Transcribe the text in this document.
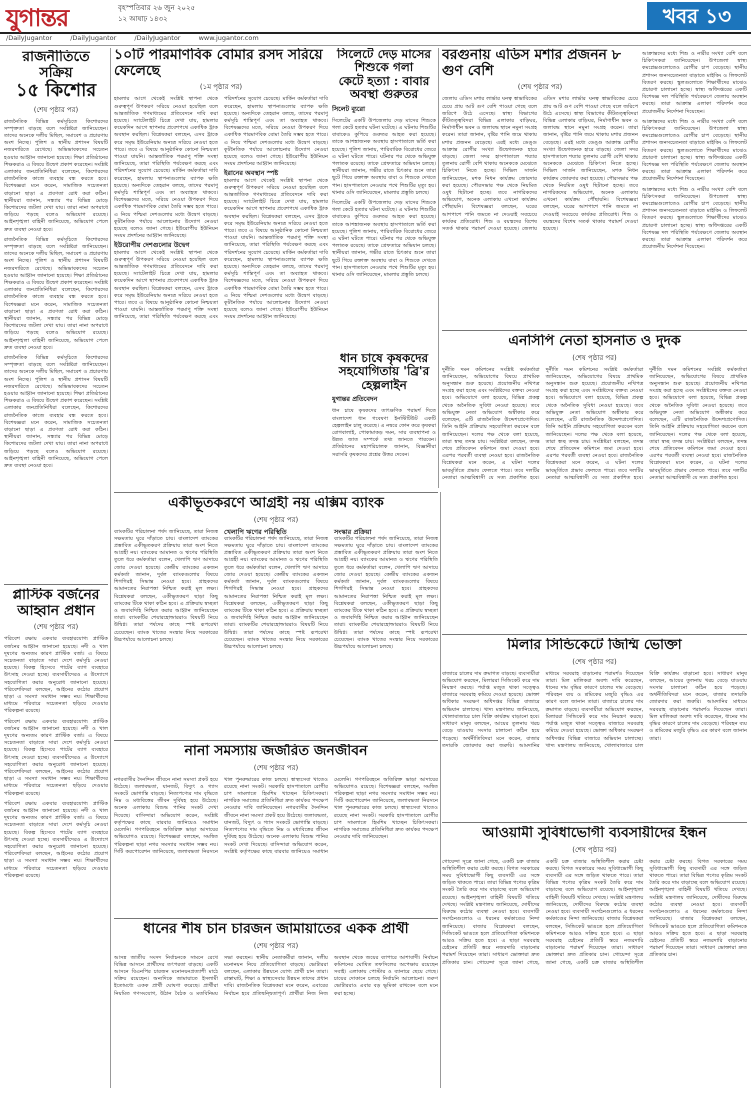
যুগান্তর	বৃহস্পতিবার ২৬ জুন ২০২৫
১২ আষাঢ় ১৪৩২	খবর ১৩
/DailyJugantor	/DailyJugantor	/DailyJugantor	www.jugantor.com
রাজনীতিতে সক্রিয়
১৫ কিশোর
(শেষ পৃষ্ঠার পর)
রাজনৈতিক বিভিন্ন কর্মসূচিতে কিশোরদের সম্পৃক্ততা বাড়ছে বলে সংশ্লিষ্টরা জানিয়েছেন। তাদের অনেকে দলীয় মিছিল, সমাবেশ ও প্রচারণায় অংশ নিচ্ছে। পুলিশ ও স্থানীয় প্রশাসন বিষয়টি নজরদারিতে রেখেছে। অভিভাবকদের সচেতন হওয়ার আহ্বান জানানো হয়েছে। শিক্ষা প্রতিষ্ঠানের শিক্ষকরাও এ বিষয়ে উদ্বেগ প্রকাশ করেছেন। সংশ্লিষ্ট এলাকার জনপ্রতিনিধিরা বলেছেন, কিশোরদের রাজনৈতিক কাজে ব্যবহার বন্ধ করতে হবে। বিশেষজ্ঞরা মনে করেন, সামাজিক সচেতনতা বাড়ানো ছাড়া এ প্রবণতা রোধ করা কঠিন। স্থানীয়রা জানান, সন্ধ্যার পর বিভিন্ন মোড়ে কিশোরদের জটলা দেখা যায়। তারা নানা অপরাধে জড়িয়ে পড়ছে বলেও অভিযোগ রয়েছে। আইনশৃঙ্খলা বাহিনী জানিয়েছে, অভিযোগ পেলে দ্রুত ব্যবস্থা নেওয়া হবে।
রাজনৈতিক বিভিন্ন কর্মসূচিতে কিশোরদের সম্পৃক্ততা বাড়ছে বলে সংশ্লিষ্টরা জানিয়েছেন। তাদের অনেকে দলীয় মিছিল, সমাবেশ ও প্রচারণায় অংশ নিচ্ছে। পুলিশ ও স্থানীয় প্রশাসন বিষয়টি নজরদারিতে রেখেছে। অভিভাবকদের সচেতন হওয়ার আহ্বান জানানো হয়েছে। শিক্ষা প্রতিষ্ঠানের শিক্ষকরাও এ বিষয়ে উদ্বেগ প্রকাশ করেছেন। সংশ্লিষ্ট এলাকার জনপ্রতিনিধিরা বলেছেন, কিশোরদের রাজনৈতিক কাজে ব্যবহার বন্ধ করতে হবে। বিশেষজ্ঞরা মনে করেন, সামাজিক সচেতনতা বাড়ানো ছাড়া এ প্রবণতা রোধ করা কঠিন। স্থানীয়রা জানান, সন্ধ্যার পর বিভিন্ন মোড়ে কিশোরদের জটলা দেখা যায়। তারা নানা অপরাধে জড়িয়ে পড়ছে বলেও অভিযোগ রয়েছে। আইনশৃঙ্খলা বাহিনী জানিয়েছে, অভিযোগ পেলে দ্রুত ব্যবস্থা নেওয়া হবে।
রাজনৈতিক বিভিন্ন কর্মসূচিতে কিশোরদের সম্পৃক্ততা বাড়ছে বলে সংশ্লিষ্টরা জানিয়েছেন। তাদের অনেকে দলীয় মিছিল, সমাবেশ ও প্রচারণায় অংশ নিচ্ছে। পুলিশ ও স্থানীয় প্রশাসন বিষয়টি নজরদারিতে রেখেছে। অভিভাবকদের সচেতন হওয়ার আহ্বান জানানো হয়েছে। শিক্ষা প্রতিষ্ঠানের শিক্ষকরাও এ বিষয়ে উদ্বেগ প্রকাশ করেছেন। সংশ্লিষ্ট এলাকার জনপ্রতিনিধিরা বলেছেন, কিশোরদের রাজনৈতিক কাজে ব্যবহার বন্ধ করতে হবে। বিশেষজ্ঞরা মনে করেন, সামাজিক সচেতনতা বাড়ানো ছাড়া এ প্রবণতা রোধ করা কঠিন। স্থানীয়রা জানান, সন্ধ্যার পর বিভিন্ন মোড়ে কিশোরদের জটলা দেখা যায়। তারা নানা অপরাধে জড়িয়ে পড়ছে বলেও অভিযোগ রয়েছে। আইনশৃঙ্খলা বাহিনী জানিয়েছে, অভিযোগ পেলে দ্রুত ব্যবস্থা নেওয়া হবে।
১০টি পারমাণবিক বোমার রসদ সরিয়ে ফেলেছে
(১ম পৃষ্ঠার পর)
হামলার আগে থেকেই সংশ্লিষ্ট স্থাপনা থেকে গুরুত্বপূর্ণ উপকরণ সরিয়ে নেওয়া হয়েছিল বলে আন্তর্জাতিক গণমাধ্যমের প্রতিবেদনে দাবি করা হয়েছে। স্যাটেলাইট চিত্রে দেখা যায়, হামলার কয়েকদিন আগে স্থাপনার প্রবেশপথে একাধিক ট্রাক অবস্থান করছিল। বিশ্লেষকরা বলছেন, এসব ট্রাকে করে সমৃদ্ধ ইউরেনিয়াম অন্যত্র সরিয়ে নেওয়া হতে পারে। তবে এ বিষয়ে আনুষ্ঠানিক কোনো নিশ্চয়তা পাওয়া যায়নি। আন্তর্জাতিক পরমাণু শক্তি সংস্থা জানিয়েছে, তারা পরিস্থিতি পর্যবেক্ষণ করছে এবং পরিদর্শনের সুযোগ চেয়েছে। মার্কিন কর্মকর্তারা দাবি করেছেন, হামলায় স্থাপনাগুলোর ব্যাপক ক্ষতি হয়েছে। অন্যদিকে তেহরান বলছে, তাদের পরমাণু কর্মসূচি শান্তিপূর্ণ এবং তা অব্যাহত থাকবে। বিশেষজ্ঞদের মতে, সরিয়ে নেওয়া উপকরণ দিয়ে একাধিক পারমাণবিক বোমা তৈরি সম্ভব হতে পারে। এ নিয়ে পশ্চিমা দেশগুলোর মধ্যে উদ্বেগ বাড়ছে। কূটনৈতিক পর্যায়ে আলোচনার উদ্যোগ নেওয়া হয়েছে বলেও জানা গেছে। ইউরোপীয় ইউনিয়ন সংযম প্রদর্শনের আহ্বান জানিয়েছে।
ইউরোপীয় দেশগুলোর উদ্বেগ
হামলার আগে থেকেই সংশ্লিষ্ট স্থাপনা থেকে গুরুত্বপূর্ণ উপকরণ সরিয়ে নেওয়া হয়েছিল বলে আন্তর্জাতিক গণমাধ্যমের প্রতিবেদনে দাবি করা হয়েছে। স্যাটেলাইট চিত্রে দেখা যায়, হামলার কয়েকদিন আগে স্থাপনার প্রবেশপথে একাধিক ট্রাক অবস্থান করছিল। বিশ্লেষকরা বলছেন, এসব ট্রাকে করে সমৃদ্ধ ইউরেনিয়াম অন্যত্র সরিয়ে নেওয়া হতে পারে। তবে এ বিষয়ে আনুষ্ঠানিক কোনো নিশ্চয়তা পাওয়া যায়নি। আন্তর্জাতিক পরমাণু শক্তি সংস্থা জানিয়েছে, তারা পরিস্থিতি পর্যবেক্ষণ করছে এবং পরিদর্শনের সুযোগ চেয়েছে। মার্কিন কর্মকর্তারা দাবি করেছেন, হামলায় স্থাপনাগুলোর ব্যাপক ক্ষতি হয়েছে। অন্যদিকে তেহরান বলছে, তাদের পরমাণু কর্মসূচি শান্তিপূর্ণ এবং তা অব্যাহত থাকবে। বিশেষজ্ঞদের মতে, সরিয়ে নেওয়া উপকরণ দিয়ে একাধিক পারমাণবিক বোমা তৈরি সম্ভব হতে পারে। এ নিয়ে পশ্চিমা দেশগুলোর মধ্যে উদ্বেগ বাড়ছে। কূটনৈতিক পর্যায়ে আলোচনার উদ্যোগ নেওয়া হয়েছে বলেও জানা গেছে। ইউরোপীয় ইউনিয়ন সংযম প্রদর্শনের আহ্বান জানিয়েছে।
ইরানের অবস্থান স্পষ্ট
হামলার আগে থেকেই সংশ্লিষ্ট স্থাপনা থেকে গুরুত্বপূর্ণ উপকরণ সরিয়ে নেওয়া হয়েছিল বলে আন্তর্জাতিক গণমাধ্যমের প্রতিবেদনে দাবি করা হয়েছে। স্যাটেলাইট চিত্রে দেখা যায়, হামলার কয়েকদিন আগে স্থাপনার প্রবেশপথে একাধিক ট্রাক অবস্থান করছিল। বিশ্লেষকরা বলছেন, এসব ট্রাকে করে সমৃদ্ধ ইউরেনিয়াম অন্যত্র সরিয়ে নেওয়া হতে পারে। তবে এ বিষয়ে আনুষ্ঠানিক কোনো নিশ্চয়তা পাওয়া যায়নি। আন্তর্জাতিক পরমাণু শক্তি সংস্থা জানিয়েছে, তারা পরিস্থিতি পর্যবেক্ষণ করছে এবং পরিদর্শনের সুযোগ চেয়েছে। মার্কিন কর্মকর্তারা দাবি করেছেন, হামলায় স্থাপনাগুলোর ব্যাপক ক্ষতি হয়েছে। অন্যদিকে তেহরান বলছে, তাদের পরমাণু কর্মসূচি শান্তিপূর্ণ এবং তা অব্যাহত থাকবে। বিশেষজ্ঞদের মতে, সরিয়ে নেওয়া উপকরণ দিয়ে একাধিক পারমাণবিক বোমা তৈরি সম্ভব হতে পারে। এ নিয়ে পশ্চিমা দেশগুলোর মধ্যে উদ্বেগ বাড়ছে। কূটনৈতিক পর্যায়ে আলোচনার উদ্যোগ নেওয়া হয়েছে বলেও জানা গেছে। ইউরোপীয় ইউনিয়ন সংযম প্রদর্শনের আহ্বান জানিয়েছে।
সিলেটে দেড় মাসের
শিশুকে গলা
কেটে হত্যা : বাবার
অবস্থা গুরুতর
সিলেট ব্যুরো
সিলেটের একটি উপজেলায় দেড় মাসের শিশুকে গলা কেটে হত্যার ঘটনা ঘটেছে। এ ঘটনায় শিশুটির বাবাকেও কুপিয়ে গুরুতর আহত করা হয়েছে। তাকে আশঙ্কাজনক অবস্থায় হাসপাতালে ভর্তি করা হয়েছে। পুলিশ জানায়, পারিবারিক বিরোধের জেরে এ ঘটনা ঘটতে পারে। ঘটনার পর থেকে অভিযুক্ত পলাতক রয়েছে। তাকে গ্রেফতারে অভিযান চলছে। স্থানীয়রা জানান, গভীর রাতে চিৎকার শুনে তারা ছুটে গিয়ে রক্তাক্ত অবস্থায় বাবা ও শিশুকে দেখতে পান। হাসপাতালে নেওয়ার পথে শিশুটির মৃত্যু হয়। থানার ওসি জানিয়েছেন, মামলার প্রস্তুতি চলছে।
সিলেটের একটি উপজেলায় দেড় মাসের শিশুকে গলা কেটে হত্যার ঘটনা ঘটেছে। এ ঘটনায় শিশুটির বাবাকেও কুপিয়ে গুরুতর আহত করা হয়েছে। তাকে আশঙ্কাজনক অবস্থায় হাসপাতালে ভর্তি করা হয়েছে। পুলিশ জানায়, পারিবারিক বিরোধের জেরে এ ঘটনা ঘটতে পারে। ঘটনার পর থেকে অভিযুক্ত পলাতক রয়েছে। তাকে গ্রেফতারে অভিযান চলছে। স্থানীয়রা জানান, গভীর রাতে চিৎকার শুনে তারা ছুটে গিয়ে রক্তাক্ত অবস্থায় বাবা ও শিশুকে দেখতে পান। হাসপাতালে নেওয়ার পথে শিশুটির মৃত্যু হয়। থানার ওসি জানিয়েছেন, মামলার প্রস্তুতি চলছে।
ধান চাষে কৃষকদের
সহযোগিতায় 'ব্রি'র
হেল্পলাইন
যুগান্তর প্রতিবেদন
ধান চাষে কৃষকদের তাৎক্ষণিক পরামর্শ দিতে বাংলাদেশ ধান গবেষণা ইনস্টিটিউট একটি হেল্পলাইন চালু করেছে। এ নম্বরে ফোন করে কৃষকরা রোগবালাই, পোকামাকড় দমন, সার ব্যবস্থাপনা ও উন্নত জাত সম্পর্কে তথ্য জানতে পারবেন। প্রতিষ্ঠানের মহাপরিচালক জানান, বিজ্ঞানীরা সরাসরি কৃষকদের প্রশ্নের উত্তর দেবেন।
বরগুনায় এডিস মশার প্রজনন ৮ গুণ বেশি
(শেষ পৃষ্ঠার পর)
জেলায় এডিস মশার লার্ভার ঘনত্ব স্বাভাবিকের চেয়ে প্রায় আট গুণ বেশি পাওয়া গেছে বলে জরিপে উঠে এসেছে। স্বাস্থ্য বিভাগের কীটতত্ত্ববিদরা বিভিন্ন এলাকার বাড়িঘর, নির্মাণাধীন ভবন ও জলাবদ্ধ স্থানে নমুনা সংগ্রহ করেন। তারা জানান, বৃষ্টির পানি জমে থাকায় মশার প্রজনন বেড়েছে। এরই মধ্যে ডেঙ্গু আক্রান্ত রোগীর সংখ্যা উদ্বেগজনক হারে বাড়ছে। জেলা সদর হাসপাতালে শয্যার তুলনায় রোগী বেশি থাকায় অনেককে মেঝেতে চিকিৎসা নিতে হচ্ছে। সিভিল সার্জন জানিয়েছেন, মশক নিধন কার্যক্রম জোরদার করা হয়েছে। পৌরসভার পক্ষ থেকে নিয়মিত ওষুধ ছিটানো হচ্ছে। তবে নাগরিকদের অভিযোগ, অনেক এলাকায় এখনো কার্যক্রম পৌঁছায়নি। বিশেষজ্ঞরা বলছেন, ঘরের আশপাশে পানি জমতে না দেওয়াই সবচেয়ে কার্যকর প্রতিরোধ। শিশু ও বয়স্কদের বিশেষ সতর্ক থাকার পরামর্শ দেওয়া হয়েছে। জেলায় এডিস মশার লার্ভার ঘনত্ব স্বাভাবিকের চেয়ে প্রায় আট গুণ বেশি পাওয়া গেছে বলে জরিপে উঠে এসেছে। স্বাস্থ্য বিভাগের কীটতত্ত্ববিদরা বিভিন্ন এলাকার বাড়িঘর, নির্মাণাধীন ভবন ও জলাবদ্ধ স্থানে নমুনা সংগ্রহ করেন। তারা জানান, বৃষ্টির পানি জমে থাকায় মশার প্রজনন বেড়েছে। এরই মধ্যে ডেঙ্গু আক্রান্ত রোগীর সংখ্যা উদ্বেগজনক হারে বাড়ছে। জেলা সদর হাসপাতালে শয্যার তুলনায় রোগী বেশি থাকায় অনেককে মেঝেতে চিকিৎসা নিতে হচ্ছে। সিভিল সার্জন জানিয়েছেন, মশক নিধন কার্যক্রম জোরদার করা হয়েছে। পৌরসভার পক্ষ থেকে নিয়মিত ওষুধ ছিটানো হচ্ছে। তবে নাগরিকদের অভিযোগ, অনেক এলাকায় এখনো কার্যক্রম পৌঁছায়নি। বিশেষজ্ঞরা বলছেন, ঘরের আশপাশে পানি জমতে না দেওয়াই সবচেয়ে কার্যকর প্রতিরোধ। শিশু ও বয়স্কদের বিশেষ সতর্ক থাকার পরামর্শ দেওয়া হয়েছে।
আক্রান্তদের মধ্যে শিশু ও নারীর সংখ্যা বেশি বলে চিকিৎসকরা জানিয়েছেন। উপজেলা স্বাস্থ্য কমপ্লেক্সগুলোতেও রোগীর চাপ বেড়েছে। স্থানীয় প্রশাসন জনসচেতনতা বাড়াতে মাইকিং ও লিফলেট বিতরণ করছে। স্কুলগুলোতে শিক্ষার্থীদের মাঝেও প্রচারণা চালানো হচ্ছে। স্বাস্থ্য অধিদপ্তরের একটি বিশেষজ্ঞ দল পরিস্থিতি পর্যবেক্ষণে জেলায় অবস্থান করছে। তারা আক্রান্ত এলাকা পরিদর্শন করে প্রয়োজনীয় নির্দেশনা দিয়েছেন।
আক্রান্তদের মধ্যে শিশু ও নারীর সংখ্যা বেশি বলে চিকিৎসকরা জানিয়েছেন। উপজেলা স্বাস্থ্য কমপ্লেক্সগুলোতেও রোগীর চাপ বেড়েছে। স্থানীয় প্রশাসন জনসচেতনতা বাড়াতে মাইকিং ও লিফলেট বিতরণ করছে। স্কুলগুলোতে শিক্ষার্থীদের মাঝেও প্রচারণা চালানো হচ্ছে। স্বাস্থ্য অধিদপ্তরের একটি বিশেষজ্ঞ দল পরিস্থিতি পর্যবেক্ষণে জেলায় অবস্থান করছে। তারা আক্রান্ত এলাকা পরিদর্শন করে প্রয়োজনীয় নির্দেশনা দিয়েছেন।
আক্রান্তদের মধ্যে শিশু ও নারীর সংখ্যা বেশি বলে চিকিৎসকরা জানিয়েছেন। উপজেলা স্বাস্থ্য কমপ্লেক্সগুলোতেও রোগীর চাপ বেড়েছে। স্থানীয় প্রশাসন জনসচেতনতা বাড়াতে মাইকিং ও লিফলেট বিতরণ করছে। স্কুলগুলোতে শিক্ষার্থীদের মাঝেও প্রচারণা চালানো হচ্ছে। স্বাস্থ্য অধিদপ্তরের একটি বিশেষজ্ঞ দল পরিস্থিতি পর্যবেক্ষণে জেলায় অবস্থান করছে। তারা আক্রান্ত এলাকা পরিদর্শন করে প্রয়োজনীয় নির্দেশনা দিয়েছেন।
এনসিপি নেতা হাসনাত ও দুদক
(শেষ পৃষ্ঠার পর)
দুর্নীতি দমন কমিশনের সংশ্লিষ্ট কর্মকর্তারা জানিয়েছেন, অভিযোগের বিষয়ে প্রাথমিক অনুসন্ধান শুরু হয়েছে। প্রয়োজনীয় নথিপত্র সংগ্রহ করা হচ্ছে এবং সংশ্লিষ্টদের বক্তব্য নেওয়া হবে। অভিযোগে বলা হয়েছে, বিভিন্ন প্রকল্প থেকে অনৈতিক সুবিধা নেওয়া হয়েছে। তবে অভিযুক্ত নেতা অভিযোগ অস্বীকার করে বলেছেন, এটি রাজনৈতিক উদ্দেশ্যপ্রণোদিত। তিনি আইনি প্রক্রিয়ায় সহযোগিতা করবেন বলে জানিয়েছেন। দলের পক্ষ থেকে বলা হয়েছে, তারা স্বচ্ছ তদন্ত চায়। সংশ্লিষ্টরা বলছেন, তদন্ত শেষে প্রতিবেদন কমিশনে জমা দেওয়া হবে। এরপর পরবর্তী ব্যবস্থা নেওয়া হবে। রাজনৈতিক বিশ্লেষকরা মনে করেন, এ ঘটনা দলের ভাবমূর্তিতে প্রভাব ফেলতে পারে। তবে দলটির নেতারা আত্মবিশ্বাসী যে সত্য প্রকাশিত হবে। দুর্নীতি দমন কমিশনের সংশ্লিষ্ট কর্মকর্তারা জানিয়েছেন, অভিযোগের বিষয়ে প্রাথমিক অনুসন্ধান শুরু হয়েছে। প্রয়োজনীয় নথিপত্র সংগ্রহ করা হচ্ছে এবং সংশ্লিষ্টদের বক্তব্য নেওয়া হবে। অভিযোগে বলা হয়েছে, বিভিন্ন প্রকল্প থেকে অনৈতিক সুবিধা নেওয়া হয়েছে। তবে অভিযুক্ত নেতা অভিযোগ অস্বীকার করে বলেছেন, এটি রাজনৈতিক উদ্দেশ্যপ্রণোদিত। তিনি আইনি প্রক্রিয়ায় সহযোগিতা করবেন বলে জানিয়েছেন। দলের পক্ষ থেকে বলা হয়েছে, তারা স্বচ্ছ তদন্ত চায়। সংশ্লিষ্টরা বলছেন, তদন্ত শেষে প্রতিবেদন কমিশনে জমা দেওয়া হবে। এরপর পরবর্তী ব্যবস্থা নেওয়া হবে। রাজনৈতিক বিশ্লেষকরা মনে করেন, এ ঘটনা দলের ভাবমূর্তিতে প্রভাব ফেলতে পারে। তবে দলটির নেতারা আত্মবিশ্বাসী যে সত্য প্রকাশিত হবে। দুর্নীতি দমন কমিশনের সংশ্লিষ্ট কর্মকর্তারা জানিয়েছেন, অভিযোগের বিষয়ে প্রাথমিক অনুসন্ধান শুরু হয়েছে। প্রয়োজনীয় নথিপত্র সংগ্রহ করা হচ্ছে এবং সংশ্লিষ্টদের বক্তব্য নেওয়া হবে। অভিযোগে বলা হয়েছে, বিভিন্ন প্রকল্প থেকে অনৈতিক সুবিধা নেওয়া হয়েছে। তবে অভিযুক্ত নেতা অভিযোগ অস্বীকার করে বলেছেন, এটি রাজনৈতিক উদ্দেশ্যপ্রণোদিত। তিনি আইনি প্রক্রিয়ায় সহযোগিতা করবেন বলে জানিয়েছেন। দলের পক্ষ থেকে বলা হয়েছে, তারা স্বচ্ছ তদন্ত চায়। সংশ্লিষ্টরা বলছেন, তদন্ত শেষে প্রতিবেদন কমিশনে জমা দেওয়া হবে। এরপর পরবর্তী ব্যবস্থা নেওয়া হবে। রাজনৈতিক বিশ্লেষকরা মনে করেন, এ ঘটনা দলের ভাবমূর্তিতে প্রভাব ফেলতে পারে। তবে দলটির নেতারা আত্মবিশ্বাসী যে সত্য প্রকাশিত হবে।
একীভূতকরণে আগ্রহী নয় এক্সিম ব্যাংক
(শেষ পৃষ্ঠার পর)
ব্যাংকটির পরিচালনা পর্ষদ জানিয়েছে, তারা নিজস্ব সক্ষমতায় ঘুরে দাঁড়াতে চায়। বাংলাদেশ ব্যাংকের প্রস্তাবিত একীভূতকরণ প্রক্রিয়ায় তারা অংশ নিতে আগ্রহী নয়। ব্যাংকের আমানত ও ঋণের পরিস্থিতি তুলে ধরে কর্মকর্তারা বলেন, খেলাপি ঋণ আদায়ে জোর দেওয়া হয়েছে। কেন্দ্রীয় ব্যাংকের একজন কর্মকর্তা জানান, দুর্বল ব্যাংকগুলোর বিষয়ে শিগগিরই সিদ্ধান্ত নেওয়া হবে। গ্রাহকদের আমানতের নিরাপত্তা নিশ্চিত করাই মূল লক্ষ্য। বিশ্লেষকরা বলছেন, একীভূতকরণ ছাড়া কিছু ব্যাংকের টিকে থাকা কঠিন হবে। এ প্রক্রিয়ায় স্বচ্ছতা ও জবাবদিহি নিশ্চিত করার আহ্বান জানিয়েছেন তারা। ব্যাংকটির শেয়ারহোল্ডাররাও বিষয়টি নিয়ে উদ্বিগ্ন। তারা পর্ষদের কাছে স্পষ্ট রূপরেখা চেয়েছেন। ব্যাংক খাতের সংস্কার নিয়ে সরকারের উচ্চপর্যায়ে আলোচনা চলছে।
খেলাপি ঋণের পরিস্থিতি
ব্যাংকটির পরিচালনা পর্ষদ জানিয়েছে, তারা নিজস্ব সক্ষমতায় ঘুরে দাঁড়াতে চায়। বাংলাদেশ ব্যাংকের প্রস্তাবিত একীভূতকরণ প্রক্রিয়ায় তারা অংশ নিতে আগ্রহী নয়। ব্যাংকের আমানত ও ঋণের পরিস্থিতি তুলে ধরে কর্মকর্তারা বলেন, খেলাপি ঋণ আদায়ে জোর দেওয়া হয়েছে। কেন্দ্রীয় ব্যাংকের একজন কর্মকর্তা জানান, দুর্বল ব্যাংকগুলোর বিষয়ে শিগগিরই সিদ্ধান্ত নেওয়া হবে। গ্রাহকদের আমানতের নিরাপত্তা নিশ্চিত করাই মূল লক্ষ্য। বিশ্লেষকরা বলছেন, একীভূতকরণ ছাড়া কিছু ব্যাংকের টিকে থাকা কঠিন হবে। এ প্রক্রিয়ায় স্বচ্ছতা ও জবাবদিহি নিশ্চিত করার আহ্বান জানিয়েছেন তারা। ব্যাংকটির শেয়ারহোল্ডাররাও বিষয়টি নিয়ে উদ্বিগ্ন। তারা পর্ষদের কাছে স্পষ্ট রূপরেখা চেয়েছেন। ব্যাংক খাতের সংস্কার নিয়ে সরকারের উচ্চপর্যায়ে আলোচনা চলছে।
সংস্কার প্রক্রিয়া
ব্যাংকটির পরিচালনা পর্ষদ জানিয়েছে, তারা নিজস্ব সক্ষমতায় ঘুরে দাঁড়াতে চায়। বাংলাদেশ ব্যাংকের প্রস্তাবিত একীভূতকরণ প্রক্রিয়ায় তারা অংশ নিতে আগ্রহী নয়। ব্যাংকের আমানত ও ঋণের পরিস্থিতি তুলে ধরে কর্মকর্তারা বলেন, খেলাপি ঋণ আদায়ে জোর দেওয়া হয়েছে। কেন্দ্রীয় ব্যাংকের একজন কর্মকর্তা জানান, দুর্বল ব্যাংকগুলোর বিষয়ে শিগগিরই সিদ্ধান্ত নেওয়া হবে। গ্রাহকদের আমানতের নিরাপত্তা নিশ্চিত করাই মূল লক্ষ্য। বিশ্লেষকরা বলছেন, একীভূতকরণ ছাড়া কিছু ব্যাংকের টিকে থাকা কঠিন হবে। এ প্রক্রিয়ায় স্বচ্ছতা ও জবাবদিহি নিশ্চিত করার আহ্বান জানিয়েছেন তারা। ব্যাংকটির শেয়ারহোল্ডাররাও বিষয়টি নিয়ে উদ্বিগ্ন। তারা পর্ষদের কাছে স্পষ্ট রূপরেখা চেয়েছেন। ব্যাংক খাতের সংস্কার নিয়ে সরকারের উচ্চপর্যায়ে আলোচনা চলছে।
প্লাস্টিক বর্জনের
আহ্বান প্রধান
(শেষ পৃষ্ঠার পর)
পরিবেশ রক্ষায় একবার ব্যবহারযোগ্য প্লাস্টিক বর্জনের আহ্বান জানানো হয়েছে। নদী ও খাল দূষণের অন্যতম কারণ প্লাস্টিক বর্জ্য। এ বিষয়ে সচেতনতা বাড়াতে সারা দেশে কর্মসূচি নেওয়া হয়েছে। বিকল্প হিসেবে পাটের ব্যাগ ব্যবহারে উৎসাহ দেওয়া হচ্ছে। ব্যবসায়ীদেরও এ উদ্যোগে সহযোগিতা করার অনুরোধ জানানো হয়েছে। পরিবেশবিদরা বলছেন, আইনের কঠোর প্রয়োগ ছাড়া এ সমস্যা সমাধান সম্ভব নয়। শিক্ষার্থীদের মাধ্যমে পরিবারে সচেতনতা ছড়িয়ে দেওয়ার পরিকল্পনা রয়েছে।
পরিবেশ রক্ষায় একবার ব্যবহারযোগ্য প্লাস্টিক বর্জনের আহ্বান জানানো হয়েছে। নদী ও খাল দূষণের অন্যতম কারণ প্লাস্টিক বর্জ্য। এ বিষয়ে সচেতনতা বাড়াতে সারা দেশে কর্মসূচি নেওয়া হয়েছে। বিকল্প হিসেবে পাটের ব্যাগ ব্যবহারে উৎসাহ দেওয়া হচ্ছে। ব্যবসায়ীদেরও এ উদ্যোগে সহযোগিতা করার অনুরোধ জানানো হয়েছে। পরিবেশবিদরা বলছেন, আইনের কঠোর প্রয়োগ ছাড়া এ সমস্যা সমাধান সম্ভব নয়। শিক্ষার্থীদের মাধ্যমে পরিবারে সচেতনতা ছড়িয়ে দেওয়ার পরিকল্পনা রয়েছে।
পরিবেশ রক্ষায় একবার ব্যবহারযোগ্য প্লাস্টিক বর্জনের আহ্বান জানানো হয়েছে। নদী ও খাল দূষণের অন্যতম কারণ প্লাস্টিক বর্জ্য। এ বিষয়ে সচেতনতা বাড়াতে সারা দেশে কর্মসূচি নেওয়া হয়েছে। বিকল্প হিসেবে পাটের ব্যাগ ব্যবহারে উৎসাহ দেওয়া হচ্ছে। ব্যবসায়ীদেরও এ উদ্যোগে সহযোগিতা করার অনুরোধ জানানো হয়েছে। পরিবেশবিদরা বলছেন, আইনের কঠোর প্রয়োগ ছাড়া এ সমস্যা সমাধান সম্ভব নয়। শিক্ষার্থীদের মাধ্যমে পরিবারে সচেতনতা ছড়িয়ে দেওয়ার পরিকল্পনা রয়েছে।
মিলার সিন্ডিকেটে জিম্মি ভোক্তা
(শেষ পৃষ্ঠার পর)
বাজারে চালের দাম ক্রমাগত বাড়ছে। ব্যবসায়ীরা অভিযোগ করছেন, মিলাররা সিন্ডিকেট করে দাম নিয়ন্ত্রণ করছে। পর্যাপ্ত মজুত থাকা সত্ত্বেও বাজারে সরবরাহ কমিয়ে দেওয়া হয়েছে। ভোক্তা অধিকার সংরক্ষণ অধিদপ্তর বিভিন্ন বাজারে অভিযান চালাচ্ছে। খাদ্য মন্ত্রণালয় জানিয়েছে, খোলাবাজারে চাল বিক্রি কার্যক্রম বাড়ানো হবে। সাধারণ মানুষ বলছেন, আয়ের তুলনায় খরচ বেড়ে যাওয়ায় সংসার চালানো কঠিন হয়ে পড়েছে। অর্থনীতিবিদরা মনে করেন, বাজার তদারকি জোরদার করা জরুরি। আমদানির মাধ্যমে সরবরাহ বাড়ানোর পরামর্শও দিয়েছেন তারা। মিল মালিকরা অবশ্য দাবি করেছেন, ধানের দাম বৃদ্ধির কারণে চালের দাম বেড়েছে। পরিবহন ব্যয় ও শ্রমিকের মজুরি বৃদ্ধিও এর কারণ বলে জানান তারা। বাজারে চালের দাম ক্রমাগত বাড়ছে। ব্যবসায়ীরা অভিযোগ করছেন, মিলাররা সিন্ডিকেট করে দাম নিয়ন্ত্রণ করছে। পর্যাপ্ত মজুত থাকা সত্ত্বেও বাজারে সরবরাহ কমিয়ে দেওয়া হয়েছে। ভোক্তা অধিকার সংরক্ষণ অধিদপ্তর বিভিন্ন বাজারে অভিযান চালাচ্ছে। খাদ্য মন্ত্রণালয় জানিয়েছে, খোলাবাজারে চাল বিক্রি কার্যক্রম বাড়ানো হবে। সাধারণ মানুষ বলছেন, আয়ের তুলনায় খরচ বেড়ে যাওয়ায় সংসার চালানো কঠিন হয়ে পড়েছে। অর্থনীতিবিদরা মনে করেন, বাজার তদারকি জোরদার করা জরুরি। আমদানির মাধ্যমে সরবরাহ বাড়ানোর পরামর্শও দিয়েছেন তারা। মিল মালিকরা অবশ্য দাবি করেছেন, ধানের দাম বৃদ্ধির কারণে চালের দাম বেড়েছে। পরিবহন ব্যয় ও শ্রমিকের মজুরি বৃদ্ধিও এর কারণ বলে জানান তারা।
নানা সমস্যায় জর্জরিত জনজীবন
(শেষ পৃষ্ঠার পর)
নগরবাসীর দৈনন্দিন জীবনে নানা সমস্যা প্রকট হয়ে উঠেছে। জলাবদ্ধতা, যানজট, বিদ্যুৎ ও গ্যাস সংকটে ভোগান্তি বাড়ছে। নিত্যপণ্যের দাম বৃদ্ধিতে নিম্ন ও মধ্যবিত্তের জীবন দুর্বিষহ হয়ে উঠেছে। অনেক এলাকায় বিশুদ্ধ পানির সংকট দেখা দিয়েছে। বাসিন্দারা অভিযোগ করেন, সংশ্লিষ্ট কর্তৃপক্ষের কাছে বারবার জানিয়েও সমাধান মেলেনি। গণপরিবহনে অতিরিক্ত ভাড়া আদায়ের অভিযোগও রয়েছে। বিশেষজ্ঞরা বলছেন, সমন্বিত পরিকল্পনা ছাড়া নগর সমস্যার সমাধান সম্ভব নয়। সিটি করপোরেশন জানিয়েছে, জলাবদ্ধতা নিরসনে খাল পুনরুদ্ধারের কাজ চলছে। স্বাস্থ্যসেবা খাতেও রয়েছে নানা সংকট। সরকারি হাসপাতালে রোগীর চাপ সামলাতে হিমশিম খাচ্ছেন চিকিৎসকরা। নাগরিক সমাজের প্রতিনিধিরা দ্রুত কার্যকর পদক্ষেপ নেওয়ার দাবি জানিয়েছেন। নগরবাসীর দৈনন্দিন জীবনে নানা সমস্যা প্রকট হয়ে উঠেছে। জলাবদ্ধতা, যানজট, বিদ্যুৎ ও গ্যাস সংকটে ভোগান্তি বাড়ছে। নিত্যপণ্যের দাম বৃদ্ধিতে নিম্ন ও মধ্যবিত্তের জীবন দুর্বিষহ হয়ে উঠেছে। অনেক এলাকায় বিশুদ্ধ পানির সংকট দেখা দিয়েছে। বাসিন্দারা অভিযোগ করেন, সংশ্লিষ্ট কর্তৃপক্ষের কাছে বারবার জানিয়েও সমাধান মেলেনি। গণপরিবহনে অতিরিক্ত ভাড়া আদায়ের অভিযোগও রয়েছে। বিশেষজ্ঞরা বলছেন, সমন্বিত পরিকল্পনা ছাড়া নগর সমস্যার সমাধান সম্ভব নয়। সিটি করপোরেশন জানিয়েছে, জলাবদ্ধতা নিরসনে খাল পুনরুদ্ধারের কাজ চলছে। স্বাস্থ্যসেবা খাতেও রয়েছে নানা সংকট। সরকারি হাসপাতালে রোগীর চাপ সামলাতে হিমশিম খাচ্ছেন চিকিৎসকরা। নাগরিক সমাজের প্রতিনিধিরা দ্রুত কার্যকর পদক্ষেপ নেওয়ার দাবি জানিয়েছেন।	আওয়ামী সুবিধাভোগী ব্যবসায়ীদের ইন্ধন
(শেষ পৃষ্ঠার পর)
গোয়েন্দা সূত্রে জানা গেছে, একটি চক্র বাজার অস্থিতিশীল করার চেষ্টা করছে। বিগত সরকারের সময় সুবিধাভোগী কিছু ব্যবসায়ী এর সঙ্গে জড়িত থাকতে পারে। তারা বিভিন্ন পণ্যের কৃত্রিম সংকট তৈরি করে দাম বাড়াচ্ছে বলে অভিযোগ রয়েছে। আইনশৃঙ্খলা বাহিনী বিষয়টি খতিয়ে দেখছে। সংশ্লিষ্ট মন্ত্রণালয় জানিয়েছে, দোষীদের বিরুদ্ধে কঠোর ব্যবস্থা নেওয়া হবে। ব্যবসায়ী সংগঠনগুলোও এ ধরনের কর্মকাণ্ডের নিন্দা জানিয়েছে। বাজার বিশ্লেষকরা বলছেন, সিন্ডিকেট ভাঙতে হলে প্রতিযোগিতা কমিশনকে আরও সক্রিয় হতে হবে। এ ছাড়া সরবরাহ চেইনের প্রতিটি স্তরে নজরদারি বাড়ানোর পরামর্শ দিয়েছেন তারা। সাধারণ ভোক্তারা দ্রুত প্রতিকার চান। গোয়েন্দা সূত্রে জানা গেছে, একটি চক্র বাজার অস্থিতিশীল করার চেষ্টা করছে। বিগত সরকারের সময় সুবিধাভোগী কিছু ব্যবসায়ী এর সঙ্গে জড়িত থাকতে পারে। তারা বিভিন্ন পণ্যের কৃত্রিম সংকট তৈরি করে দাম বাড়াচ্ছে বলে অভিযোগ রয়েছে। আইনশৃঙ্খলা বাহিনী বিষয়টি খতিয়ে দেখছে। সংশ্লিষ্ট মন্ত্রণালয় জানিয়েছে, দোষীদের বিরুদ্ধে কঠোর ব্যবস্থা নেওয়া হবে। ব্যবসায়ী সংগঠনগুলোও এ ধরনের কর্মকাণ্ডের নিন্দা জানিয়েছে। বাজার বিশ্লেষকরা বলছেন, সিন্ডিকেট ভাঙতে হলে প্রতিযোগিতা কমিশনকে আরও সক্রিয় হতে হবে। এ ছাড়া সরবরাহ চেইনের প্রতিটি স্তরে নজরদারি বাড়ানোর পরামর্শ দিয়েছেন তারা। সাধারণ ভোক্তারা দ্রুত প্রতিকার চান। গোয়েন্দা সূত্রে জানা গেছে, একটি চক্র বাজার অস্থিতিশীল করার চেষ্টা করছে। বিগত সরকারের সময় সুবিধাভোগী কিছু ব্যবসায়ী এর সঙ্গে জড়িত থাকতে পারে। তারা বিভিন্ন পণ্যের কৃত্রিম সংকট তৈরি করে দাম বাড়াচ্ছে বলে অভিযোগ রয়েছে। আইনশৃঙ্খলা বাহিনী বিষয়টি খতিয়ে দেখছে। সংশ্লিষ্ট মন্ত্রণালয় জানিয়েছে, দোষীদের বিরুদ্ধে কঠোর ব্যবস্থা নেওয়া হবে। ব্যবসায়ী সংগঠনগুলোও এ ধরনের কর্মকাণ্ডের নিন্দা জানিয়েছে। বাজার বিশ্লেষকরা বলছেন, সিন্ডিকেট ভাঙতে হলে প্রতিযোগিতা কমিশনকে আরও সক্রিয় হতে হবে। এ ছাড়া সরবরাহ চেইনের প্রতিটি স্তরে নজরদারি বাড়ানোর পরামর্শ দিয়েছেন তারা। সাধারণ ভোক্তারা দ্রুত প্রতিকার চান।
ধানের শীষ চান চারজন জামায়াতের একক প্রার্থী
(শেষ পৃষ্ঠার পর)
আসন্ন জাতীয় সংসদ নির্বাচনকে সামনে রেখে বিভিন্ন আসনে প্রার্থীদের তৎপরতা বাড়ছে। একটি আসনে বিএনপির চারজন মনোনয়নপ্রত্যাশী মাঠে সক্রিয় রয়েছেন। অন্যদিকে জামায়াতে ইসলামী ইতোমধ্যে একক প্রার্থী ঘোষণা করেছে। প্রার্থীরা নিয়মিত গণসংযোগ, উঠান বৈঠক ও মতবিনিময় সভা করছেন। স্থানীয় নেতাকর্মীরা জানান, দলীয় মনোনয়ন নিয়ে প্রতিযোগিতা বাড়ছে। ভোটাররা বলছেন, এলাকার উন্নয়নে যোগ্য প্রার্থী চান তারা। রাস্তাঘাট, শিক্ষা ও স্বাস্থ্যসেবার উন্নয়ন তাদের প্রধান দাবি। রাজনৈতিক বিশ্লেষকরা মনে করেন, এবারের নির্বাচন হবে প্রতিদ্বন্দ্বিতাপূর্ণ। প্রার্থীরা নিজ নিজ অবস্থান থেকে জয়ের ব্যাপারে আশাবাদী। নির্বাচন কমিশনের ঘোষিত তফসিলের অপেক্ষায় রয়েছেন সবাই। এলাকায় পোস্টার ও ব্যানারে ছেয়ে গেছে। চায়ের দোকানে চলছে নির্বাচনি আলোচনা। তরুণ ভোটাররাও এবার বড় ভূমিকা রাখবেন বলে মনে করা হচ্ছে।
